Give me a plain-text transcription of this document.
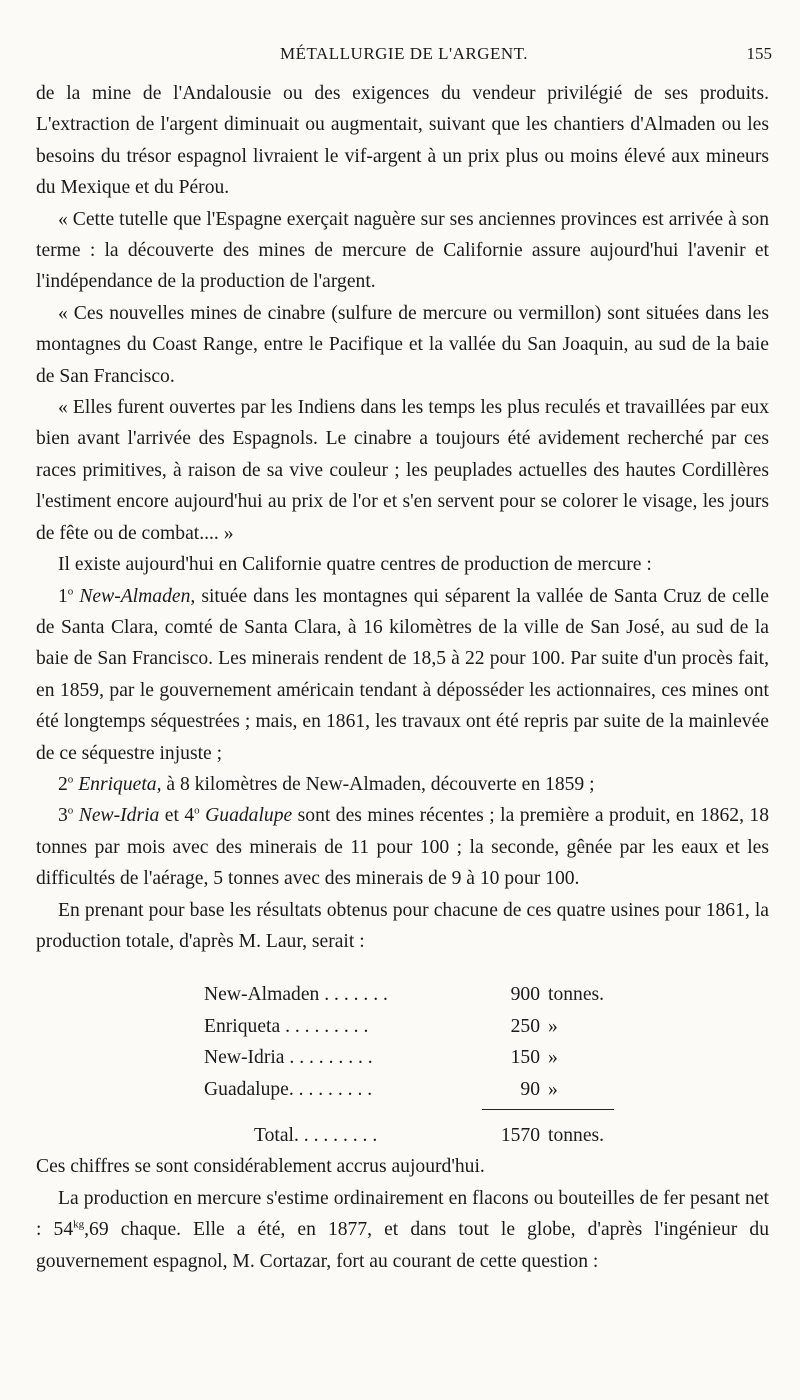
MÉTALLURGIE DE L'ARGENT.	155

de la mine de l'Andalousie ou des exigences du vendeur privilégié de ses produits. L'extraction de l'argent diminuait ou augmentait, suivant que les chantiers d'Almaden ou les besoins du trésor espagnol livraient le vif-argent à un prix plus ou moins élevé aux mineurs du Mexique et du Pérou.

« Cette tutelle que l'Espagne exerçait naguère sur ses anciennes provinces est arrivée à son terme : la découverte des mines de mercure de Californie assure aujourd'hui l'avenir et l'indépendance de la production de l'argent.

« Ces nouvelles mines de cinabre (sulfure de mercure ou vermillon) sont situées dans les montagnes du Coast Range, entre le Pacifique et la vallée du San Joaquin, au sud de la baie de San Francisco.

« Elles furent ouvertes par les Indiens dans les temps les plus reculés et travaillées par eux bien avant l'arrivée des Espagnols. Le cinabre a toujours été avidement recherché par ces races primitives, à raison de sa vive couleur ; les peuplades actuelles des hautes Cordillères l'estiment encore aujourd'hui au prix de l'or et s'en servent pour se colorer le visage, les jours de fête ou de combat.... »

Il existe aujourd'hui en Californie quatre centres de production de mercure :

1$^o$ New-Almaden, située dans les montagnes qui séparent la vallée de Santa Cruz de celle de Santa Clara, comté de Santa Clara, à 16 kilomètres de la ville de San José, au sud de la baie de San Francisco. Les minerais rendent de 18,5 à 22 pour 100. Par suite d'un procès fait, en 1859, par le gouvernement américain tendant à déposséder les actionnaires, ces mines ont été longtemps séquestrées ; mais, en 1861, les travaux ont été repris par suite de la mainlevée de ce séquestre injuste ;

2$^o$ Enriqueta, à 8 kilomètres de New-Almaden, découverte en 1859 ;

3$^o$ New-Idria et 4$^o$ Guadalupe sont des mines récentes ; la première a produit, en 1862, 18 tonnes par mois avec des minerais de 11 pour 100 ; la seconde, gênée par les eaux et les difficultés de l'aérage, 5 tonnes avec des minerais de 9 à 10 pour 100.

En prenant pour base les résultats obtenus pour chacune de ces quatre usines pour 1861, la production totale, d'après M. Laur, serait :

New-Almaden . . . . . . .	900 tonnes.
Enriqueta . . . . . . . . .	250 »
New-Idria . . . . . . . . .	150 »
Guadalupe. . . . . . . . .	90 »
Total. . . . . . . . .	1570 tonnes.

Ces chiffres se sont considérablement accrus aujourd'hui.

La production en mercure s'estime ordinairement en flacons ou bouteilles de fer pesant net : $54^{kg},69$ chaque. Elle a été, en 1877, et dans tout le globe, d'après l'ingénieur du gouvernement espagnol, M. Cortazar, fort au courant de cette question :
